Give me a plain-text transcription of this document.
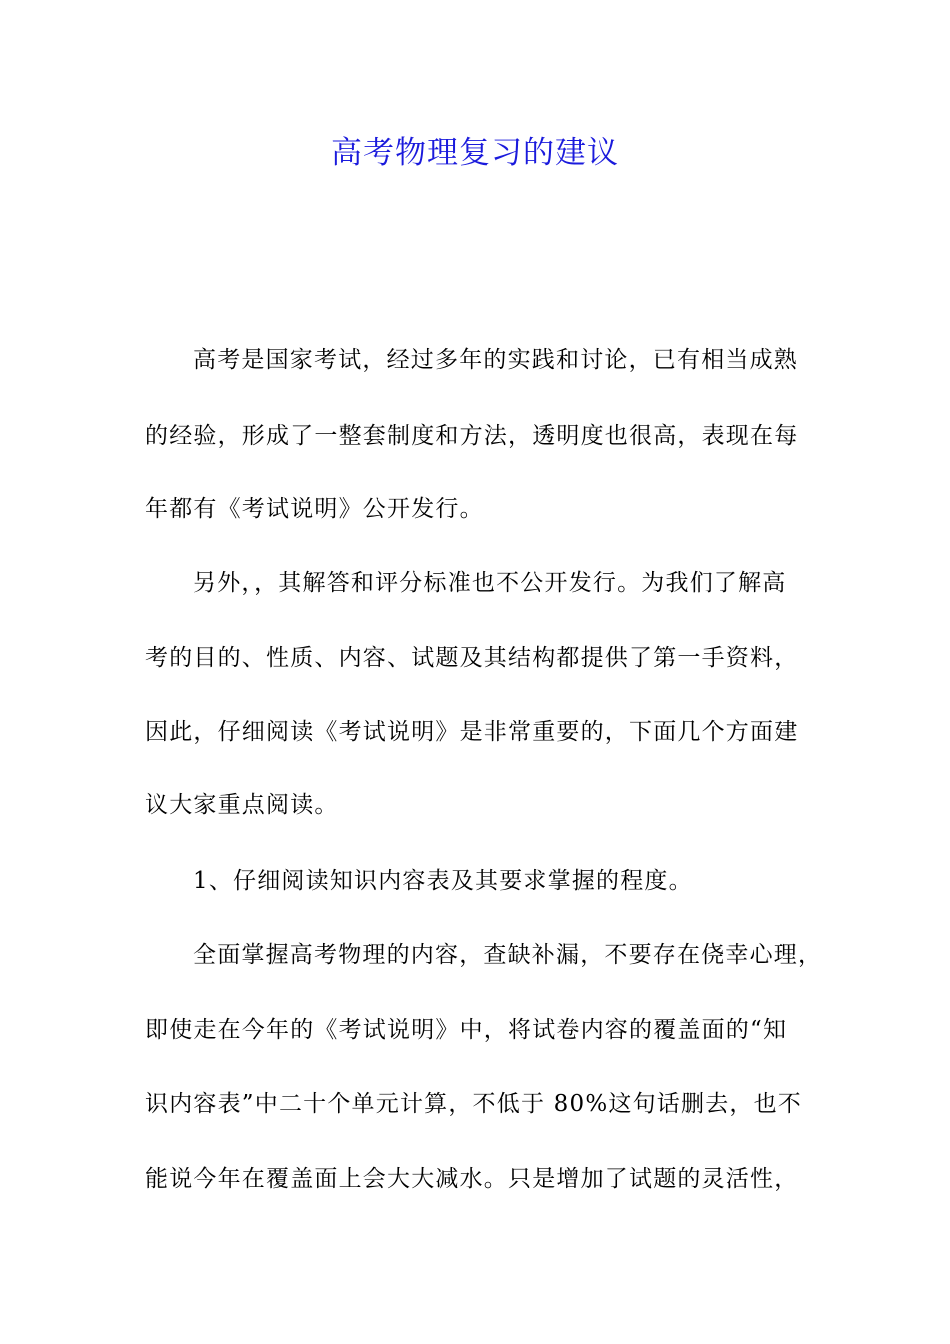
高考物理复习的建议
高考是国家考试，经过多年的实践和讨论，已有相当成熟
的经验，形成了一整套制度和方法，透明度也很高，表现在每
年都有《考试说明》公开发行。
另外，，其解答和评分标准也不公开发行。为我们了解高
考的目的、性质、内容、试题及其结构都提供了第一手资料，
因此，仔细阅读《考试说明》是非常重要的，下面几个方面建
议大家重点阅读。
1、仔细阅读知识内容表及其要求掌握的程度。
全面掌握高考物理的内容，查缺补漏，不要存在侥幸心理，
即使走在今年的《考试说明》中，将试卷内容的覆盖面的“知
识内容表”中二十个单元计算，不低于 80%这句话删去，也不
能说今年在覆盖面上会大大减水。只是增加了试题的灵活性，
